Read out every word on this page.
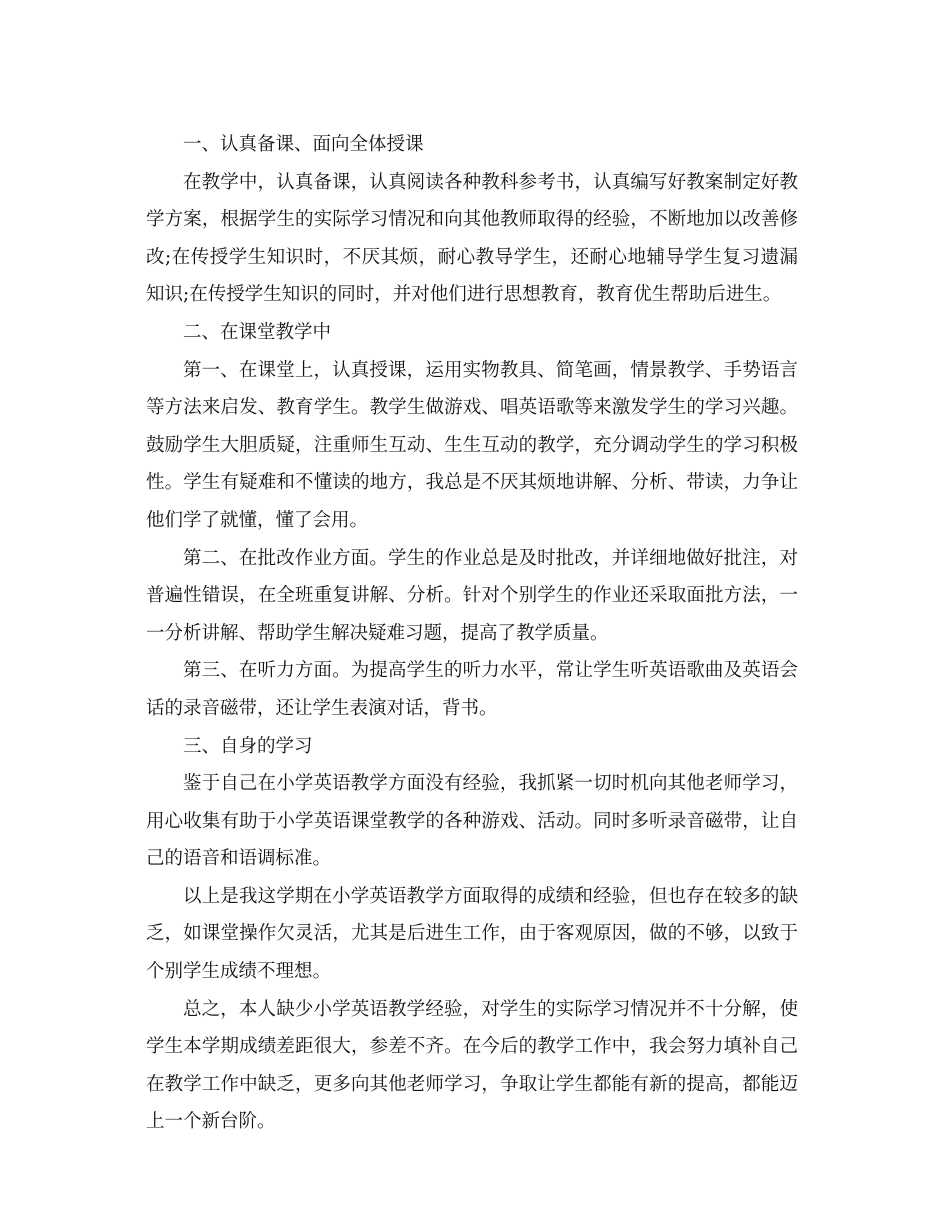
一、认真备课、面向全体授课

在教学中，认真备课，认真阅读各种教科参考书，认真编写好教案制定好教学方案，根据学生的实际学习情况和向其他教师取得的经验，不断地加以改善修改;在传授学生知识时，不厌其烦，耐心教导学生，还耐心地辅导学生复习遗漏知识;在传授学生知识的同时，并对他们进行思想教育，教育优生帮助后进生。

二、在课堂教学中

第一、在课堂上，认真授课，运用实物教具、简笔画，情景教学、手势语言等方法来启发、教育学生。教学生做游戏、唱英语歌等来激发学生的学习兴趣。鼓励学生大胆质疑，注重师生互动、生生互动的教学，充分调动学生的学习积极性。学生有疑难和不懂读的地方，我总是不厌其烦地讲解、分析、带读，力争让他们学了就懂，懂了会用。

第二、在批改作业方面。学生的作业总是及时批改，并详细地做好批注，对普遍性错误，在全班重复讲解、分析。针对个别学生的作业还采取面批方法，一一分析讲解、帮助学生解决疑难习题，提高了教学质量。

第三、在听力方面。为提高学生的听力水平，常让学生听英语歌曲及英语会话的录音磁带，还让学生表演对话，背书。

三、自身的学习

鉴于自己在小学英语教学方面没有经验，我抓紧一切时机向其他老师学习，用心收集有助于小学英语课堂教学的各种游戏、活动。同时多听录音磁带，让自己的语音和语调标准。

以上是我这学期在小学英语教学方面取得的成绩和经验，但也存在较多的缺乏，如课堂操作欠灵活，尤其是后进生工作，由于客观原因，做的不够，以致于个别学生成绩不理想。

总之，本人缺少小学英语教学经验，对学生的实际学习情况并不十分解，使学生本学期成绩差距很大，参差不齐。在今后的教学工作中，我会努力填补自己在教学工作中缺乏，更多向其他老师学习，争取让学生都能有新的提高，都能迈上一个新台阶。
